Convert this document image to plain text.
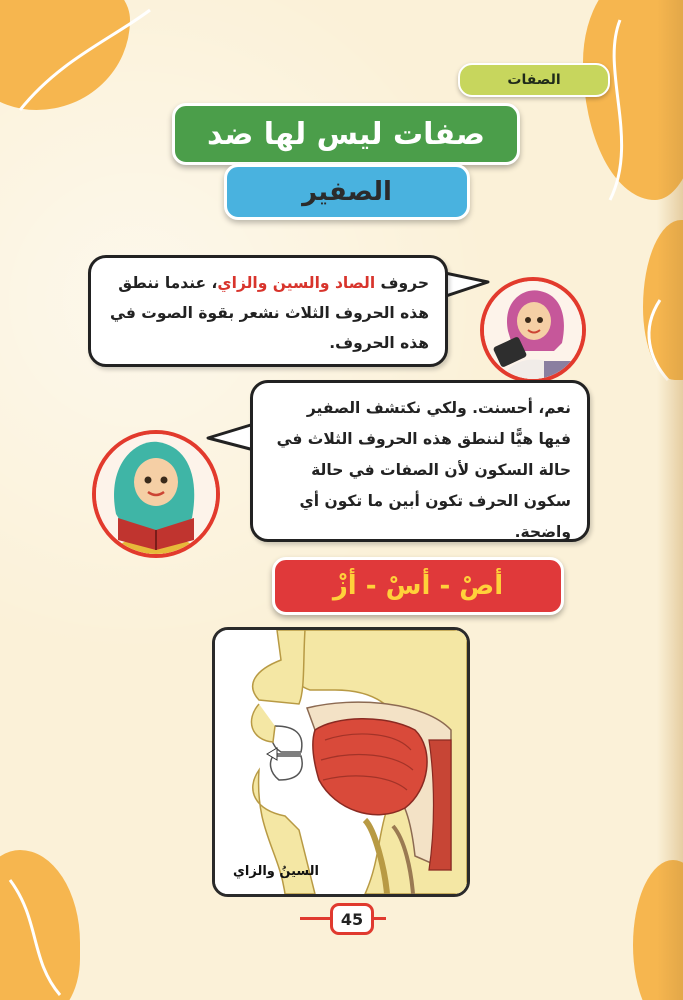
الصفات
صفات ليس لها ضد
الصفير
حروف الصاد والسين والزاي، عندما ننطق هذه الحروف الثلاث نشعر بقوة الصوت في هذه الحروف.
نعم، أحسنت. ولكي نكتشف الصفير فيها هيًّا لننطق هذه الحروف الثلاث في حالة السكون لأن الصفات في حالة سكون الحرف تكون أبين ما تكون أي واضحة.
أصْ - أسْ - أزْ
السينُ والزاي
45
